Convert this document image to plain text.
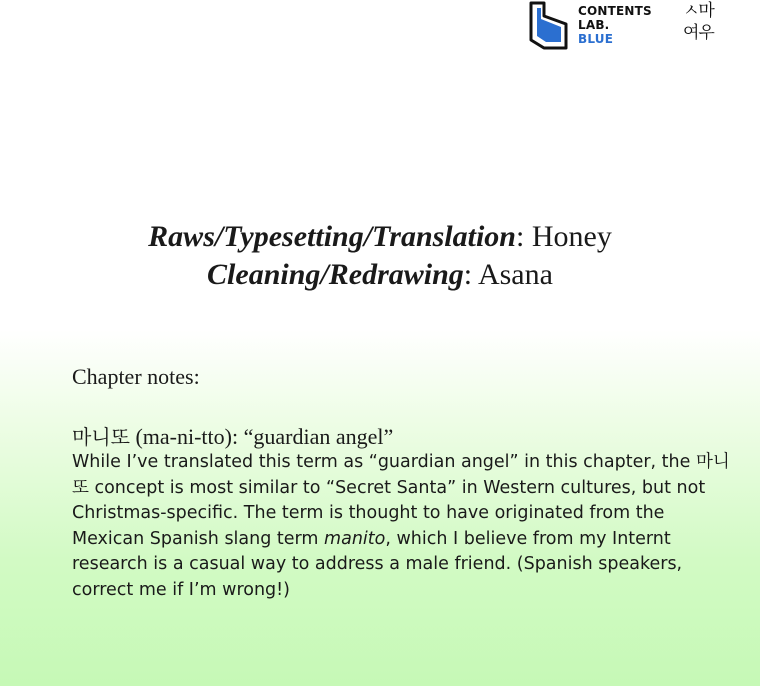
CONTENTS
LAB.
BLUE
ㅅ마
여우
Raws/Typesetting/Translation: Honey
Cleaning/Redrawing: Asana
Chapter notes:
마니또 (ma-ni-tto): “guardian angel”
While I’ve translated this term as “guardian angel” in this chapter, the 마니또 concept is most similar to “Secret Santa” in Western cultures, but not Christmas-specific. The term is thought to have originated from the Mexican Spanish slang term manito, which I believe from my Internt research is a casual way to address a male friend. (Spanish speakers, correct me if I’m wrong!)
